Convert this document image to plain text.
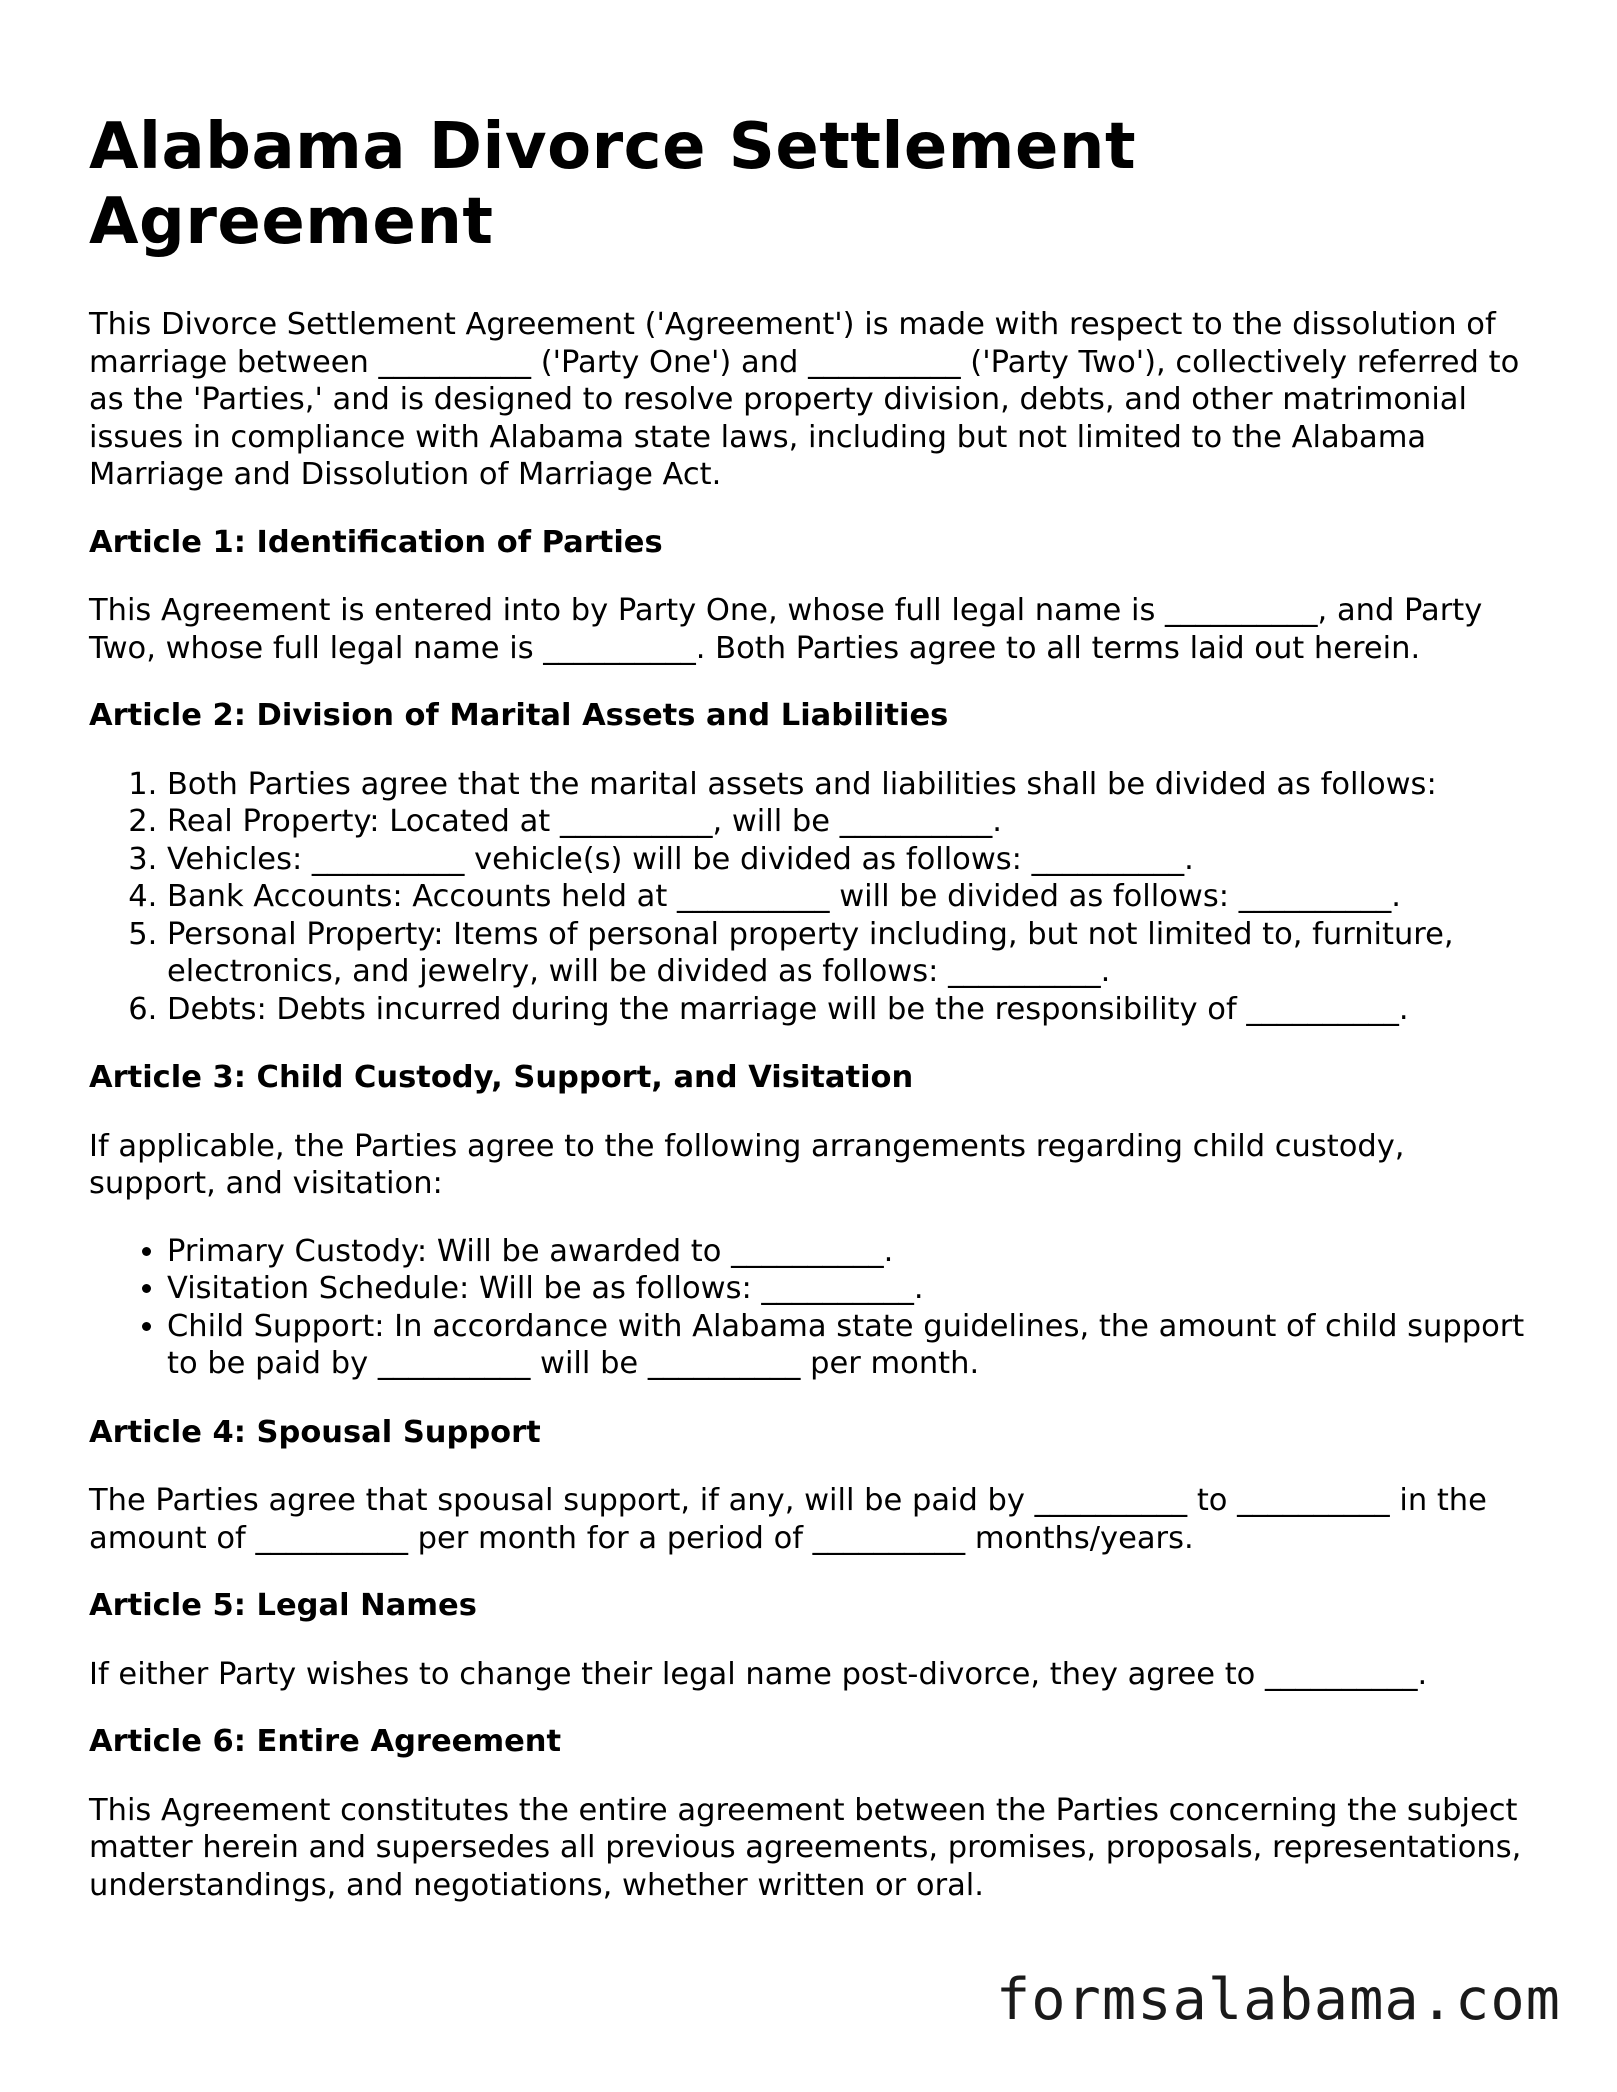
Alabama Divorce Settlement Agreement

This Divorce Settlement Agreement ('Agreement') is made with respect to the dissolution of marriage between __________ ('Party One') and __________ ('Party Two'), collectively referred to as the 'Parties,' and is designed to resolve property division, debts, and other matrimonial issues in compliance with Alabama state laws, including but not limited to the Alabama Marriage and Dissolution of Marriage Act.

Article 1: Identification of Parties

This Agreement is entered into by Party One, whose full legal name is __________, and Party Two, whose full legal name is __________. Both Parties agree to all terms laid out herein.

Article 2: Division of Marital Assets and Liabilities
1. Both Parties agree that the marital assets and liabilities shall be divided as follows:
2. Real Property: Located at __________, will be __________.
3. Vehicles: __________ vehicle(s) will be divided as follows: __________.
4. Bank Accounts: Accounts held at __________ will be divided as follows: __________.
5. Personal Property: Items of personal property including, but not limited to, furniture, electronics, and jewelry, will be divided as follows: __________.
6. Debts: Debts incurred during the marriage will be the responsibility of __________.
Article 3: Child Custody, Support, and Visitation

If applicable, the Parties agree to the following arrangements regarding child custody, support, and visitation:

• Primary Custody: Will be awarded to __________.
• Visitation Schedule: Will be as follows: __________.
• Child Support: In accordance with Alabama state guidelines, the amount of child support to be paid by __________ will be __________ per month.
Article 4: Spousal Support

The Parties agree that spousal support, if any, will be paid by __________ to __________ in the amount of __________ per month for a period of __________ months/years.

Article 5: Legal Names

If either Party wishes to change their legal name post-divorce, they agree to __________.

Article 6: Entire Agreement

This Agreement constitutes the entire agreement between the Parties concerning the subject matter herein and supersedes all previous agreements, promises, proposals, representations, understandings, and negotiations, whether written or oral.

formsalabama.com
